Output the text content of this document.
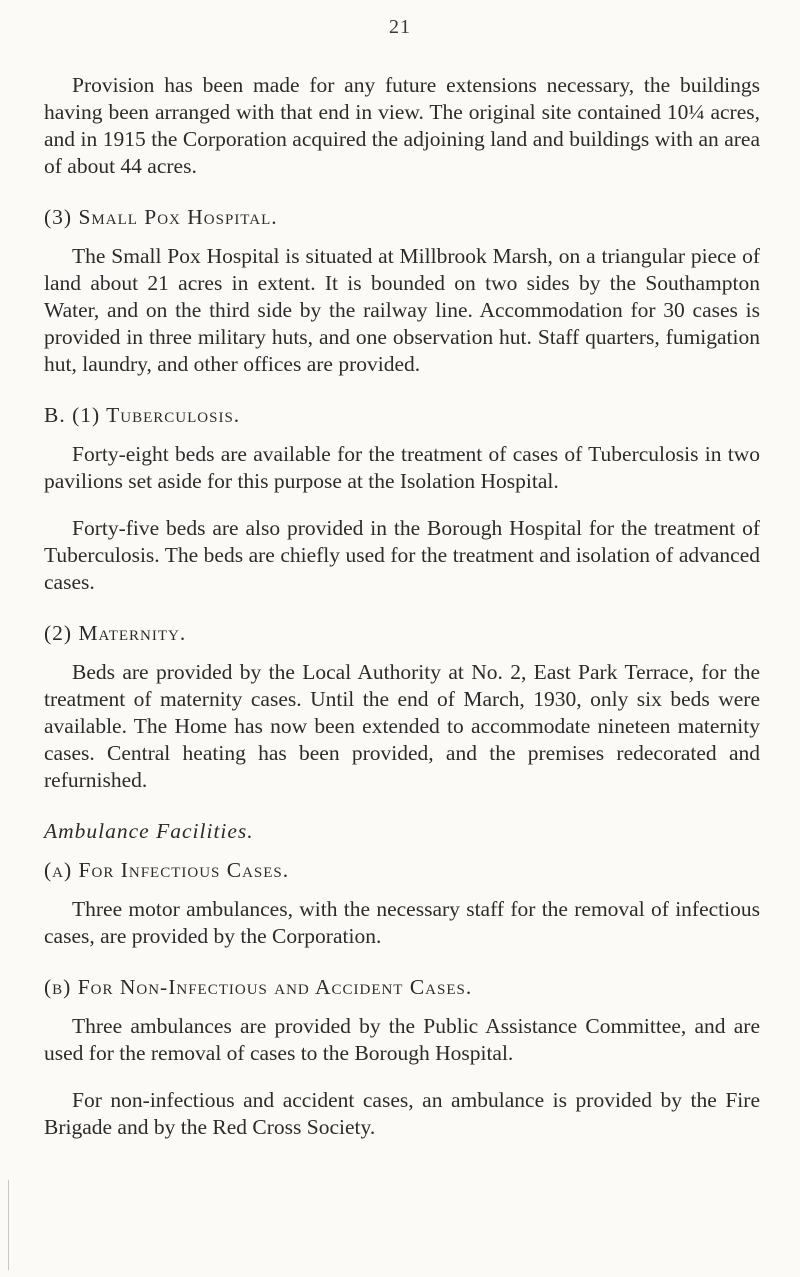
21

Provision has been made for any future extensions necessary, the buildings having been arranged with that end in view. The original site contained 10¼ acres, and in 1915 the Corporation acquired the adjoining land and buildings with an area of about 44 acres.

(3) Small Pox Hospital.

The Small Pox Hospital is situated at Millbrook Marsh, on a triangular piece of land about 21 acres in extent. It is bounded on two sides by the Southampton Water, and on the third side by the railway line. Accommodation for 30 cases is provided in three military huts, and one observation hut. Staff quarters, fumigation hut, laundry, and other offices are provided.

B. (1) Tuberculosis.

Forty-eight beds are available for the treatment of cases of Tuberculosis in two pavilions set aside for this purpose at the Isolation Hospital.

Forty-five beds are also provided in the Borough Hospital for the treatment of Tuberculosis. The beds are chiefly used for the treatment and isolation of advanced cases.

(2) Maternity.

Beds are provided by the Local Authority at No. 2, East Park Terrace, for the treatment of maternity cases. Until the end of March, 1930, only six beds were available. The Home has now been extended to accommodate nineteen maternity cases. Central heating has been provided, and the premises redecorated and refurnished.

Ambulance Facilities.
(a) For Infectious Cases.

Three motor ambulances, with the necessary staff for the removal of infectious cases, are provided by the Corporation.

(b) For Non-Infectious and Accident Cases.

Three ambulances are provided by the Public Assistance Committee, and are used for the removal of cases to the Borough Hospital.

For non-infectious and accident cases, an ambulance is provided by the Fire Brigade and by the Red Cross Society.
